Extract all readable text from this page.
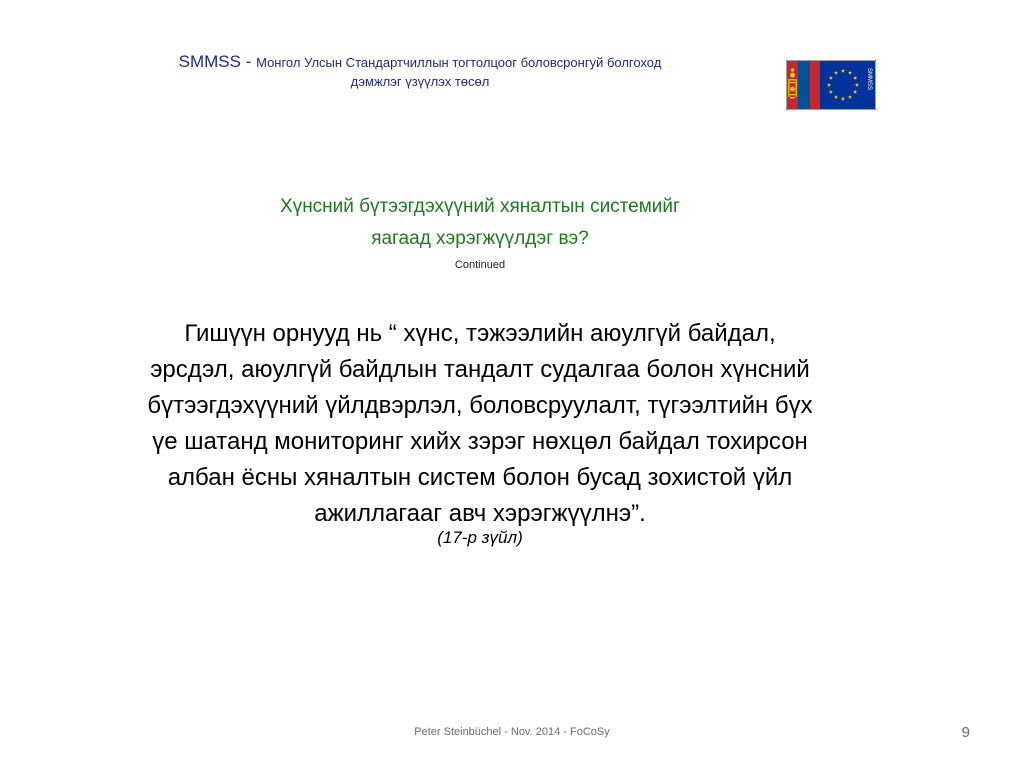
SMMSS - Монгол Улсын Стандартчиллын тогтолцоог боловсронгуй болгоход
дэмжлэг үзүүлэх төсөл	SMMSS
Хүнсний бүтээгдэхүүний хяналтын системийг
яагаад хэрэгжүүлдэг вэ?
Continued
Гишүүн орнууд нь “ хүнс, тэжээлийн аюулгүй байдал,
эрсдэл, аюулгүй байдлын тандалт судалгаа болон хүнсний
бүтээгдэхүүний үйлдвэрлэл, боловсруулалт, түгээлтийн бүх
үе шатанд мониторинг хийх зэрэг нөхцөл байдал тохирсон
албан ёсны хяналтын систем болон бусад зохистой үйл
ажиллагааг авч хэрэгжүүлнэ”.
(17-р зүйл)
Peter Steinbüchel - Nov. 2014 - FoCoSy	9
